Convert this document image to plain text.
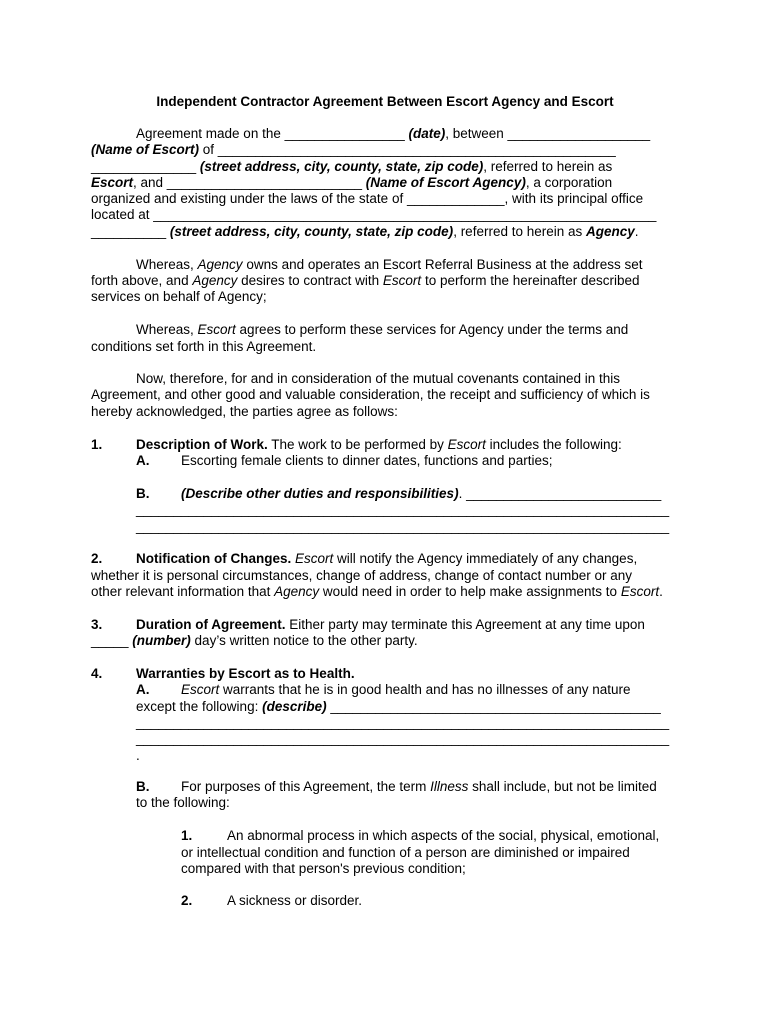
Independent Contractor Agreement Between Escort Agency and Escort
Agreement made on the ________________ (date), between ___________________
(Name of Escort) of _____________________________________________________
______________ (street address, city, county, state, zip code), referred to herein as
Escort, and __________________________ (Name of Escort Agency), a corporation
organized and existing under the laws of the state of _____________, with its principal office
located at ___________________________________________________________________
__________ (street address, city, county, state, zip code), referred to herein as Agency.
Whereas, Agency owns and operates an Escort Referral Business at the address set
forth above, and Agency desires to contract with Escort to perform the hereinafter described
services on behalf of Agency;
Whereas, Escort agrees to perform these services for Agency under the terms and
conditions set forth in this Agreement.
Now, therefore, for and in consideration of the mutual covenants contained in this
Agreement, and other good and valuable consideration, the receipt and sufficiency of which is
hereby acknowledged, the parties agree as follows:
1. Description of Work. The work to be performed by Escort includes the following:
A. Escorting female clients to dinner dates, functions and parties;
B. (Describe other duties and responsibilities). __________________________
_______________________________________________________________________
_______________________________________________________________________
2. Notification of Changes. Escort will notify the Agency immediately of any changes,
whether it is personal circumstances, change of address, change of contact number or any
other relevant information that Agency would need in order to help make assignments to Escort.
3. Duration of Agreement. Either party may terminate this Agreement at any time upon
_____ (number) day’s written notice to the other party.
4. Warranties by Escort as to Health.
A. Escort warrants that he is in good health and has no illnesses of any nature
except the following: (describe) ____________________________________________
_______________________________________________________________________
_______________________________________________________________________
.
B. For purposes of this Agreement, the term Illness shall include, but not be limited
to the following:
1.	An abnormal process in which aspects of the social, physical, emotional,
or intellectual condition and function of a person are diminished or impaired
compared with that person's previous condition;
2.	A sickness or disorder.
